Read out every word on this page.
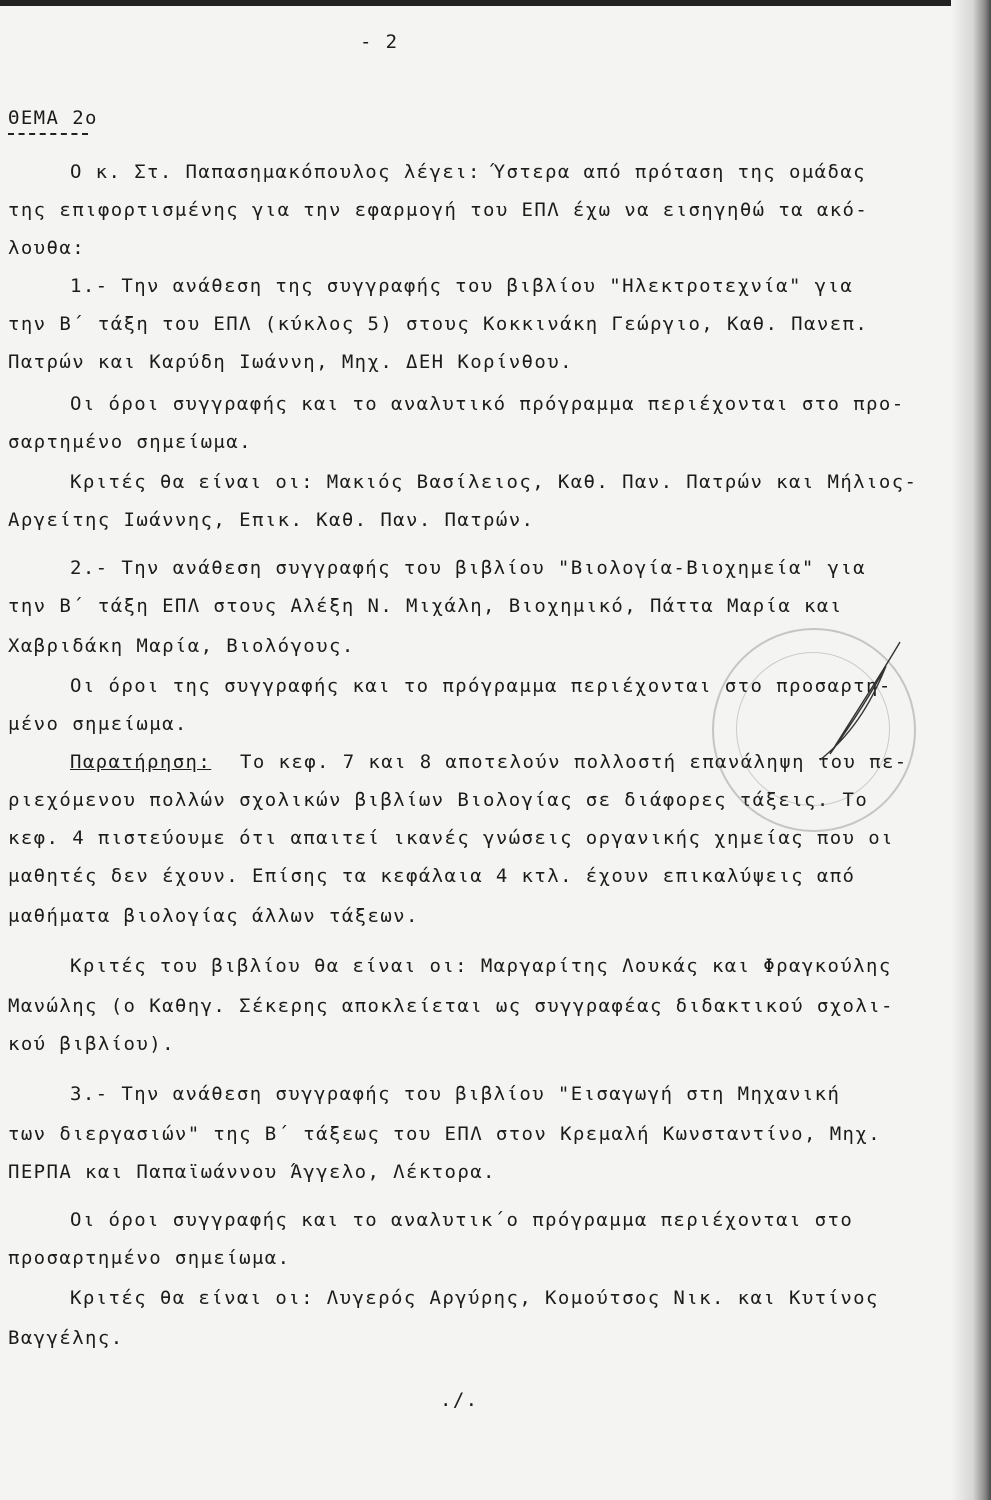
- 2
ΘΕΜΑ 2ο
Ο κ. Στ. Παπασημακόπουλος λέγει: Ύστερα από πρόταση της ομάδας
της επιφορτισμένης για την εφαρμογή του ΕΠΛ έχω να εισηγηθώ τα ακό-
λουθα:
1.- Την ανάθεση της συγγραφής του βιβλίου "Ηλεκτροτεχνία" για
την Β΄ τάξη του ΕΠΛ (κύκλος 5) στους Κοκκινάκη Γεώργιο, Καθ. Πανεπ.
Πατρών και Καρύδη Ιωάννη, Μηχ. ΔΕΗ Κορίνθου.
Οι όροι συγγραφής και το αναλυτικό πρόγραμμα περιέχονται στο προ-
σαρτημένο σημείωμα.
Κριτές θα είναι οι: Μακιός Βασίλειος, Καθ. Παν. Πατρών και Μήλιος-
Αργείτης Ιωάννης, Επικ. Καθ. Παν. Πατρών.
2.- Την ανάθεση συγγραφής του βιβλίου "Βιολογία-Βιοχημεία" για
την Β΄ τάξη ΕΠΛ στους Αλέξη Ν. Μιχάλη, Βιοχημικό, Πάττα Μαρία και
Χαβριδάκη Μαρία, Βιολόγους.
Οι όροι της συγγραφής και το πρόγραμμα περιέχονται στο προσαρτη-
μένο σημείωμα.
Παρατήρηση: Το κεφ. 7 και 8 αποτελούν πολλοστή επανάληψη του πε-
ριεχόμενου πολλών σχολικών βιβλίων Βιολογίας σε διάφορες τάξεις. Το
κεφ. 4 πιστεύουμε ότι απαιτεί ικανές γνώσεις οργανικής χημείας που οι
μαθητές δεν έχουν. Επίσης τα κεφάλαια 4 κτλ. έχουν επικαλύψεις από
μαθήματα βιολογίας άλλων τάξεων.
Κριτές του βιβλίου θα είναι οι: Μαργαρίτης Λουκάς και Φραγκούλης
Μανώλης (ο Καθηγ. Σέκερης αποκλείεται ως συγγραφέας διδακτικού σχολι-
κού βιβλίου).
3.- Την ανάθεση συγγραφής του βιβλίου "Εισαγωγή στη Μηχανική
των διεργασιών" της Β΄ τάξεως του ΕΠΛ στον Κρεμαλή Κωνσταντίνο, Μηχ.
ΠΕΡΠΑ και Παπαϊωάννου Άγγελο, Λέκτορα.
Οι όροι συγγραφής και το αναλυτικ΄ο πρόγραμμα περιέχονται στο
προσαρτημένο σημείωμα.
Κριτές θα είναι οι: Λυγερός Αργύρης, Κομούτσος Νικ. και Κυτίνος
Βαγγέλης.
./.
